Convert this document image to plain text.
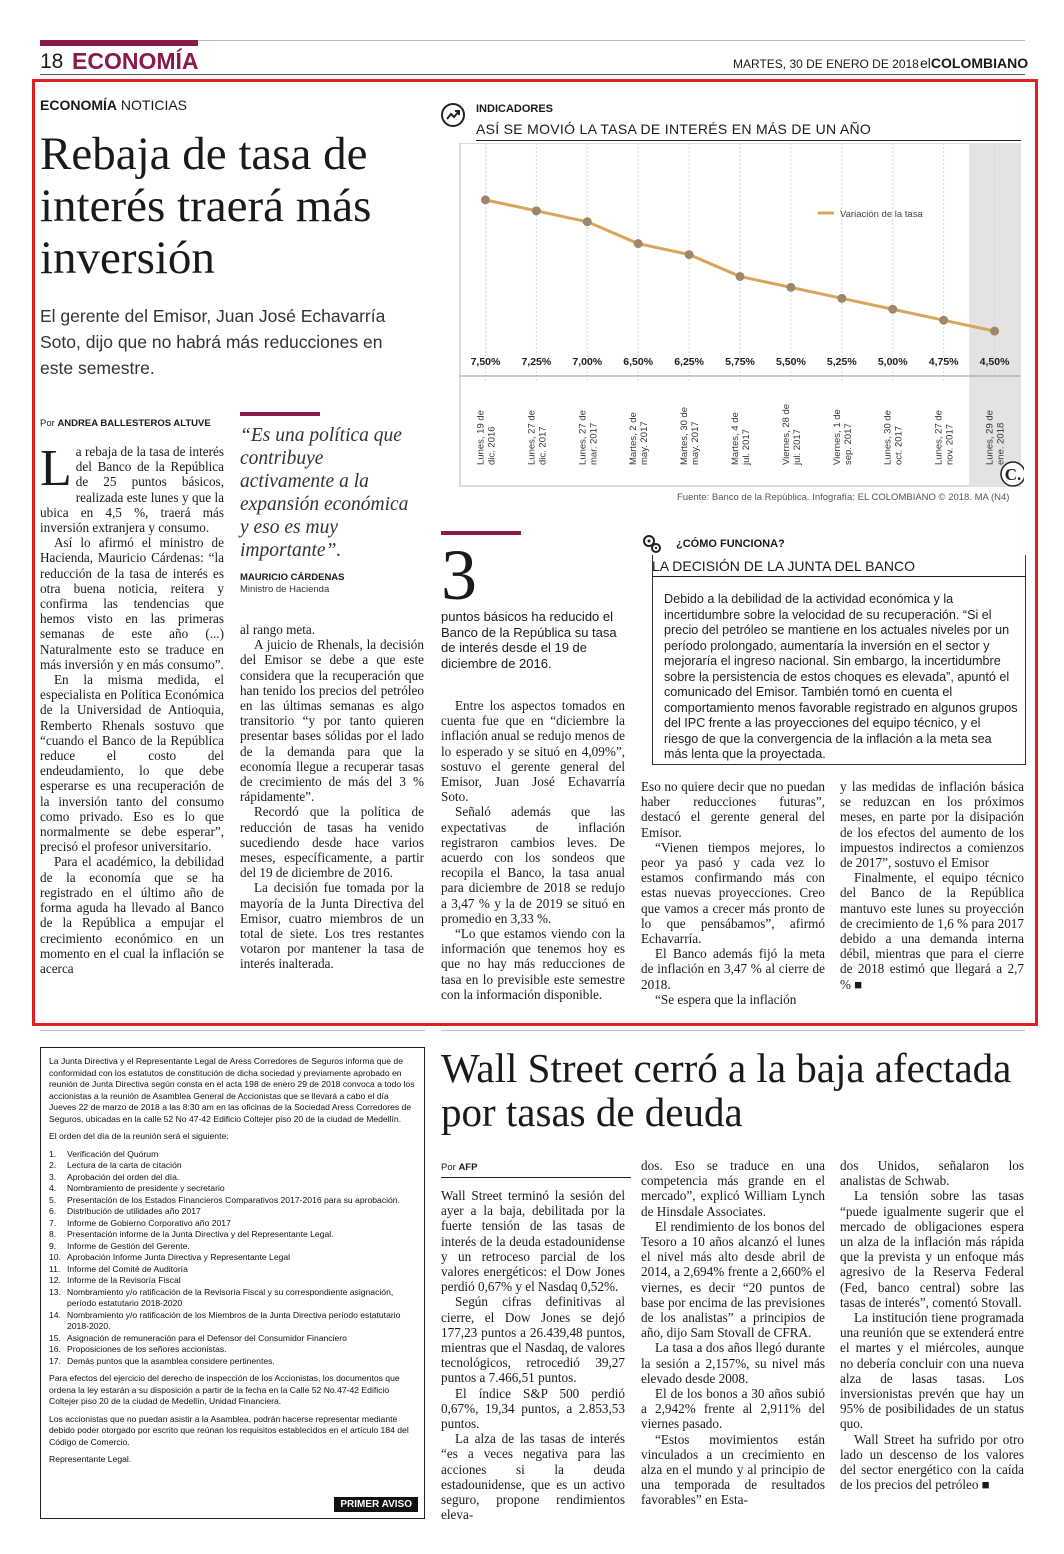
18 ECONOMÍA	MARTES, 30 DE ENERO DE 2018 elCOLOMBIANO
ECONOMÍA NOTICIAS
Rebaja de tasa de interés traerá más inversión
El gerente del Emisor, Juan José Echavarría Soto, dijo que no habrá más reducciones en este semestre.
Por ANDREA BALLESTEROS ALTUVE

La rebaja de la tasa de interés del Banco de la República de 25 puntos básicos, realizada este lunes y que la ubica en 4,5 %, traerá más inversión extranjera y consumo.

Así lo afirmó el ministro de Hacienda, Mauricio Cárdenas: “la reducción de la tasa de interés es otra buena noticia, reitera y confirma las tendencias que hemos visto en las primeras semanas de este año (...) Naturalmente esto se traduce en más inversión y en más consumo”.

En la misma medida, el especialista en Política Económica de la Universidad de Antioquia, Remberto Rhenals sostuvo que “cuando el Banco de la República reduce el costo del endeudamiento, lo que debe esperarse es una recuperación de la inversión tanto del consumo como privado. Eso es lo que normalmente se debe esperar”, precisó el profesor universitario.

Para el académico, la debilidad de la economía que se ha registrado en el último año de forma aguda ha llevado al Banco de la República a empujar el crecimiento económico en un momento en el cual la inflación se acerca

“Es una política que contribuye activamente a la expansión económica y eso es muy importante”.
MAURICIO CÁRDENAS
Ministro de Hacienda

al rango meta.

A juicio de Rhenals, la decisión del Emisor se debe a que este considera que la recuperación que han tenido los precios del petróleo en las últimas semanas es algo transitorio “y por tanto quieren presentar bases sólidas por el lado de la demanda para que la economía llegue a recuperar tasas de crecimiento de más del 3 % rápidamente”.

Recordó que la política de reducción de tasas ha venido sucediendo desde hace varios meses, específicamente, a partir del 19 de diciembre de 2016.

La decisión fue tomada por la mayoría de la Junta Directiva del Emisor, cuatro miembros de un total de siete. Los tres restantes votaron por mantener la tasa de interés inalterada.

INDICADORES
ASÍ SE MOVIÓ LA TASA DE INTERÉS EN MÁS DE UN AÑO
7,50% 7,25% 7,00% 6,50% 6,25% 5,75% 5,50% 5,25% 5,00% 4,75% 4,50%
Lunes, 19 dedic. 2016	Lunes, 27 dedic. 2017	Lunes, 27 demar. 2017	Martes, 2 demay. 2017	Martes, 30 demay. 2017	Martes, 4 dejul. 2017	Viernes, 28 dejul. 2017	Viernes, 1 desep. 2017	Lunes, 30 deoct. 2017	Lunes, 27 denov. 2017	Lunes, 29 deene. 2018
Variación de la tasa
C.
Fuente: Banco de la República. Infografía: EL COLOMBIANO © 2018. MA (N4)
3
puntos básicos ha reducido el Banco de la República su tasa de interés desde el 19 de diciembre de 2016.
¿CÓMO FUNCIONA?
LA DECISIÓN DE LA JUNTA DEL BANCO
Debido a la debilidad de la actividad económica y la incertidumbre sobre la velocidad de su recuperación. “Si el precio del petróleo se mantiene en los actuales niveles por un período prolongado, aumentaría la inversión en el sector y mejoraría el ingreso nacional. Sin embargo, la incertidumbre sobre la persistencia de estos choques es elevada”, apuntó el comunicado del Emisor. También tomó en cuenta el comportamiento menos favorable registrado en algunos grupos del IPC frente a las proyecciones del equipo técnico, y el riesgo de que la convergencia de la inflación a la meta sea más lenta que la proyectada.

Entre los aspectos tomados en cuenta fue que en “diciembre la inflación anual se redujo menos de lo esperado y se situó en 4,09%”, sostuvo el gerente general del Emisor, Juan José Echavarría Soto.

Señaló además que las expectativas de inflación registraron cambios leves. De acuerdo con los sondeos que recopila el Banco, la tasa anual para diciembre de 2018 se redujo a 3,47 % y la de 2019 se situó en promedio en 3,33 %.

“Lo que estamos viendo con la información que tenemos hoy es que no hay más reducciones de tasa en lo previsible este semestre con la información disponible.

Eso no quiere decir que no puedan haber reducciones futuras”, destacó el gerente general del Emisor.

“Vienen tiempos mejores, lo peor ya pasó y cada vez lo estamos confirmando más con estas nuevas proyecciones. Creo que vamos a crecer más pronto de lo que pensábamos”, afirmó Echavarría.

El Banco además fijó la meta de inflación en 3,47 % al cierre de 2018.

“Se espera que la inflación

y las medidas de inflación básica se reduzcan en los próximos meses, en parte por la disipación de los efectos del aumento de los impuestos indirectos a comienzos de 2017”, sostuvo el Emisor

Finalmente, el equipo técnico del Banco de la República mantuvo este lunes su proyección de crecimiento de 1,6 % para 2017 debido a una demanda interna débil, mientras que para el cierre de 2018 estimó que llegará a 2,7 % ■

La Junta Directiva y el Representante Legal de Aress Corredores de Seguros informa que de conformidad con los estatutos de constitución de dicha sociedad y previamente aprobado en reunión de Junta Directiva según consta en el acta 198 de enero 29 de 2018 convoca a todo los accionistas a la reunión de Asamblea General de Accionistas que se llevará a cabo el día Jueves 22 de marzo de 2018 a las 8:30 am en las oficinas de la Sociedad Aress Corredores de Seguros, ubicadas en la calle 52 No 47-42 Edificio Coltejer piso 20 de la ciudad de Medellín.

El orden del día de la reunión será el siguiente:

1. Verificación del Quórum
2. Lectura de la carta de citación
3. Aprobación del orden del día.
4. Nombramiento de presidente y secretario
5. Presentación de los Estados Financieros Comparativos 2017-2016 para su aprobación.
6. Distribución de utilidades año 2017
7. Informe de Gobierno Corporativo año 2017
8. Presentación informe de la Junta Directiva y del Representante Legal.
9. Informe de Gestión del Gerente.
10. Aprobación Informe Junta Directiva y Representante Legal
11. Informe del Comité de Auditoría
12. Informe de la Revisoría Fiscal
13. Nombramiento y/o ratificación de la Revisoría Fiscal y su correspondiente asignación, período estatutario 2018-2020
14. Nombramiento y/o ratificación de los Miembros de la Junta Directiva período estatutario 2018-2020.
15. Asignación de remuneración para el Defensor del Consumidor Financiero
16. Proposiciones de los señores accionistas.
17. Demás puntos que la asamblea considere pertinentes.

Para efectos del ejercicio del derecho de inspección de los Accionistas, los documentos que ordena la ley estarán a su disposición a partir de la fecha en la Calle 52 No.47-42 Edificio Coltejer piso 20 de la ciudad de Medellín, Unidad Financiera.

Los accionistas que no puedan asistir a la Asamblea, podrán hacerse representar mediante debido poder otorgado por escrito que reúnan los requisitos establecidos en el artículo 184 del Código de Comercio.

Representante Legal.

PRIMER AVISO
Wall Street cerró a la baja afectada por tasas de deuda
Por AFP

Wall Street terminó la sesión del ayer a la baja, debilitada por la fuerte tensión de las tasas de interés de la deuda estadounidense y un retroceso parcial de los valores energéticos: el Dow Jones perdió 0,67% y el Nasdaq 0,52%.

Según cifras definitivas al cierre, el Dow Jones se dejó 177,23 puntos a 26.439,48 puntos, mientras que el Nasdaq, de valores tecnológicos, retrocedió 39,27 puntos a 7.466,51 puntos.

El índice S&P 500 perdió 0,67%, 19,34 puntos, a 2.853,53 puntos.

La alza de las tasas de interés “es a veces negativa para las acciones si la deuda estadounidense, que es un activo seguro, propone rendimientos eleva-

dos. Eso se traduce en una competencia más grande en el mercado”, explicó William Lynch de Hinsdale Associates.

El rendimiento de los bonos del Tesoro a 10 años alcanzó el lunes el nivel más alto desde abril de 2014, a 2,694% frente a 2,660% el viernes, es decir “20 puntos de base por encima de las previsiones de los analistas” a principios de año, dijo Sam Stovall de CFRA.

La tasa a dos años llegó durante la sesión a 2,157%, su nivel más elevado desde 2008.

El de los bonos a 30 años subió a 2,942% frente al 2,911% del viernes pasado.

“Estos movimientos están vinculados a un crecimiento en alza en el mundo y al principio de una temporada de resultados favorables” en Esta-

dos Unidos, señalaron los analistas de Schwab.

La tensión sobre las tasas “puede igualmente sugerir que el mercado de obligaciones espera un alza de la inflación más rápida que la prevista y un enfoque más agresivo de la Reserva Federal (Fed, banco central) sobre las tasas de interés”, comentó Stovall.

La institución tiene programada una reunión que se extenderá entre el martes y el miércoles, aunque no debería concluir con una nueva alza de lasas tasas. Los inversionistas prevén que hay un 95% de posibilidades de un status quo.

Wall Street ha sufrido por otro lado un descenso de los valores del sector energético con la caída de los precios del petróleo ■
